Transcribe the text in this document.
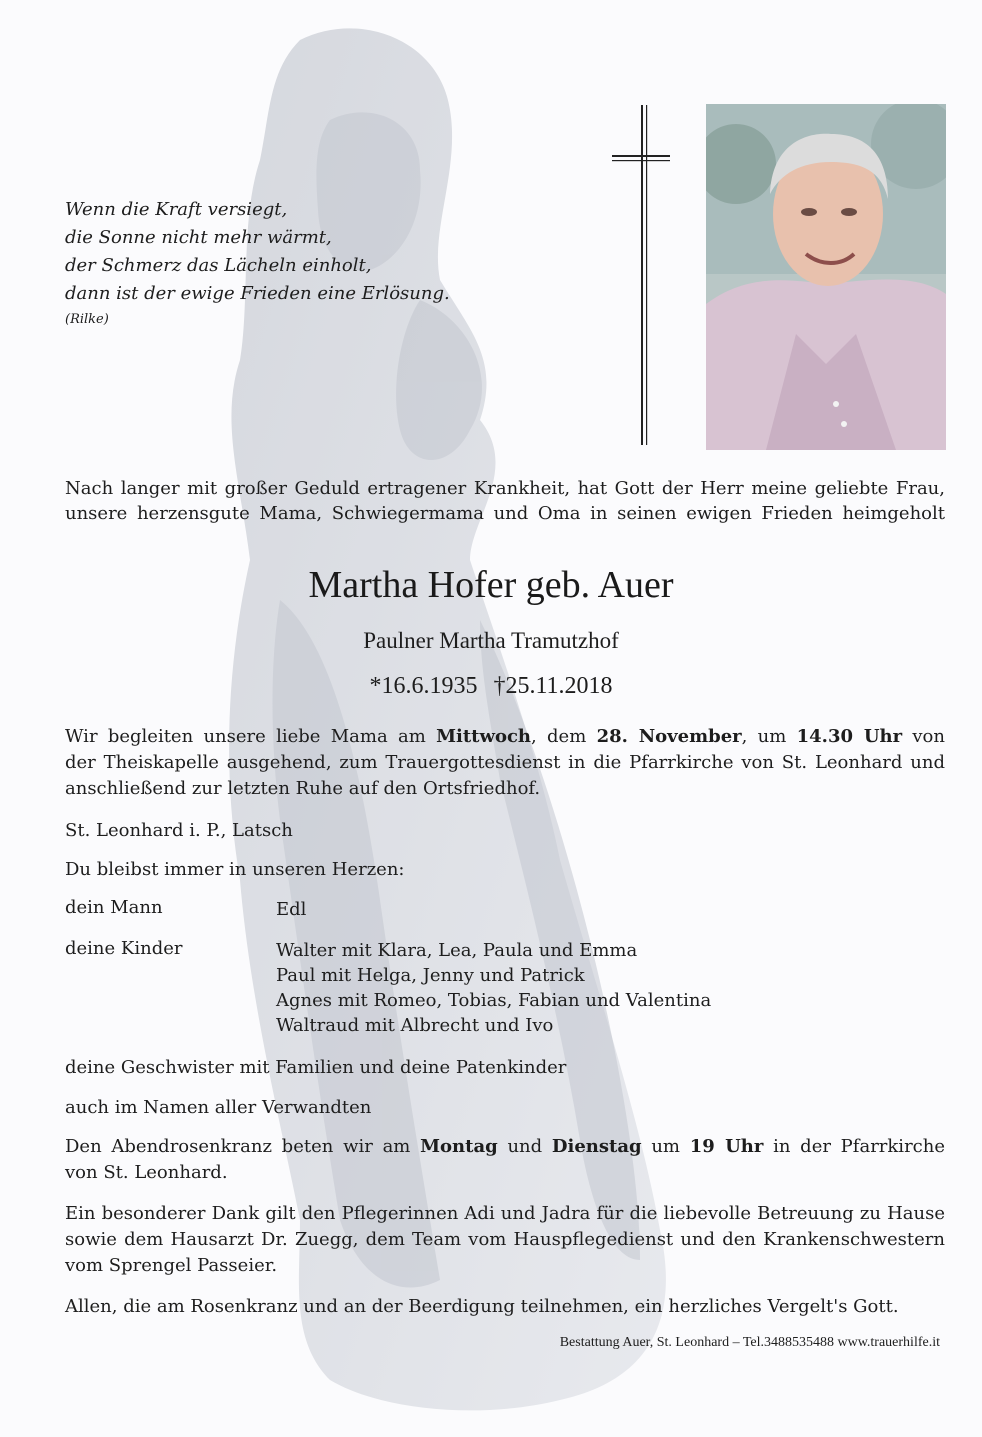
Wenn die Kraft versiegt,
die Sonne nicht mehr wärmt,
der Schmerz das Lächeln einholt,
dann ist der ewige Frieden eine Erlösung.
(Rilke)
Nach langer mit großer Geduld ertragener Krankheit, hat Gott der Herr meine geliebte Frau,
unsere herzensgute Mama, Schwiegermama und Oma in seinen ewigen Frieden heimgeholt
Martha Hofer geb. Auer
Paulner Martha Tramutzhof
*16.6.1935 †25.11.2018
Wir begleiten unsere liebe Mama am Mittwoch, dem 28. November, um 14.30 Uhr von
der Theiskapelle ausgehend, zum Trauergottesdienst in die Pfarrkirche von St. Leonhard und
anschließend zur letzten Ruhe auf den Ortsfriedhof.
St. Leonhard i. P., Latsch
Du bleibst immer in unseren Herzen:
dein Mann	Edl
deine Kinder	Walter mit Klara, Lea, Paula und Emma
Paul mit Helga, Jenny und Patrick
Agnes mit Romeo, Tobias, Fabian und Valentina
Waltraud mit Albrecht und Ivo
deine Geschwister mit Familien und deine Patenkinder
auch im Namen aller Verwandten
Den Abendrosenkranz beten wir am Montag und Dienstag um 19 Uhr in der Pfarrkirche
von St. Leonhard.
Ein besonderer Dank gilt den Pflegerinnen Adi und Jadra für die liebevolle Betreuung zu Hause
sowie dem Hausarzt Dr. Zuegg, dem Team vom Hauspflegedienst und den Krankenschwestern
vom Sprengel Passeier.
Allen, die am Rosenkranz und an der Beerdigung teilnehmen, ein herzliches Vergelt's Gott.
Bestattung Auer, St. Leonhard – Tel.3488535488 www.trauerhilfe.it
